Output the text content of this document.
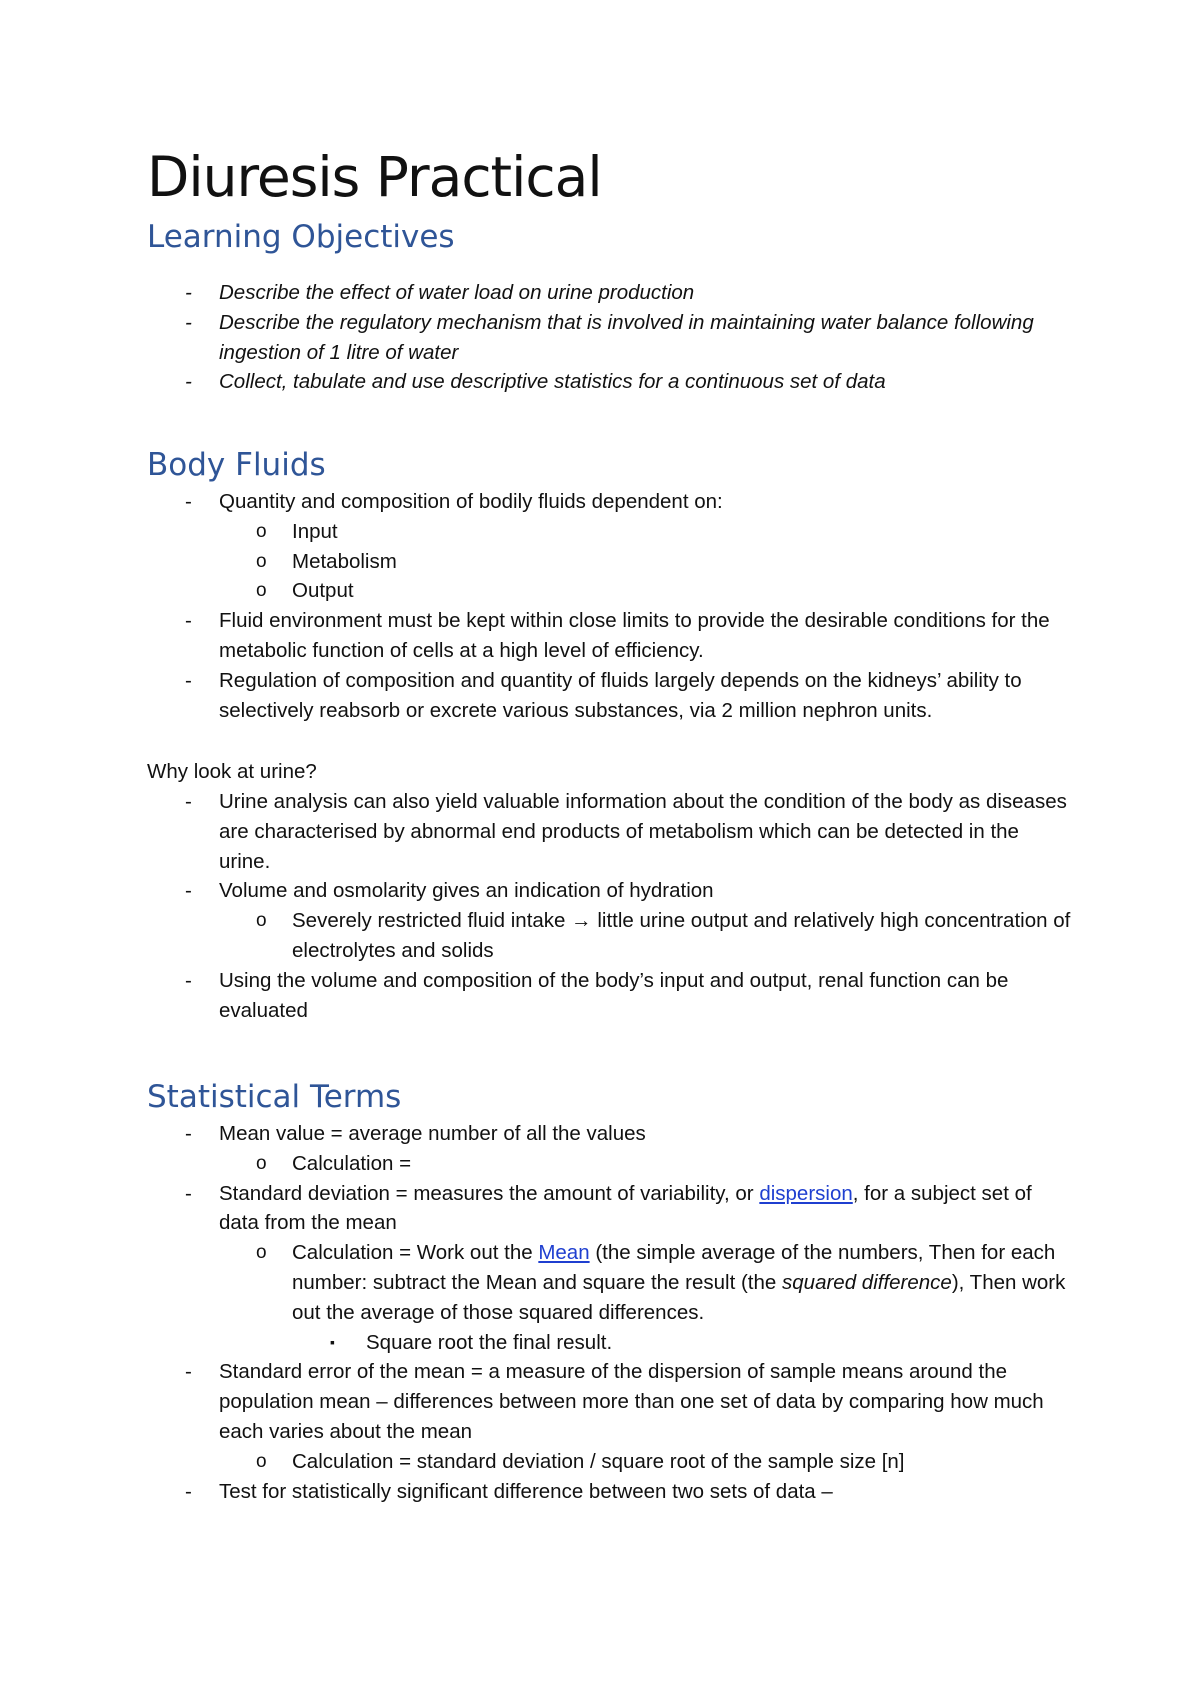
Diuresis Practical
Learning Objectives
- Describe the effect of water load on urine production
- Describe the regulatory mechanism that is involved in maintaining water balance following ingestion of 1 litre of water
- Collect, tabulate and use descriptive statistics for a continuous set of data
Body Fluids
- Quantity and composition of bodily fluids dependent on:
o Input
o Metabolism
o Output
- Fluid environment must be kept within close limits to provide the desirable conditions for the metabolic function of cells at a high level of efficiency.
- Regulation of composition and quantity of fluids largely depends on the kidneys’ ability to selectively reabsorb or excrete various substances, via 2 million nephron units.

Why look at urine?

- Urine analysis can also yield valuable information about the condition of the body as diseases are characterised by abnormal end products of metabolism which can be detected in the urine.
- Volume and osmolarity gives an indication of hydration
o Severely restricted fluid intake → little urine output and relatively high concentration of electrolytes and solids
- Using the volume and composition of the body’s input and output, renal function can be evaluated
Statistical Terms
- Mean value = average number of all the values
o Calculation =
- Standard deviation = measures the amount of variability, or dispersion, for a subject set of data from the mean
o Calculation = Work out the Mean (the simple average of the numbers, Then for each number: subtract the Mean and square the result (the squared difference), Then work out the average of those squared differences.
▪ Square root the final result.
- Standard error of the mean = a measure of the dispersion of sample means around the population mean – differences between more than one set of data by comparing how much each varies about the mean
o Calculation = standard deviation / square root of the sample size [n]
- Test for statistically significant difference between two sets of data –
